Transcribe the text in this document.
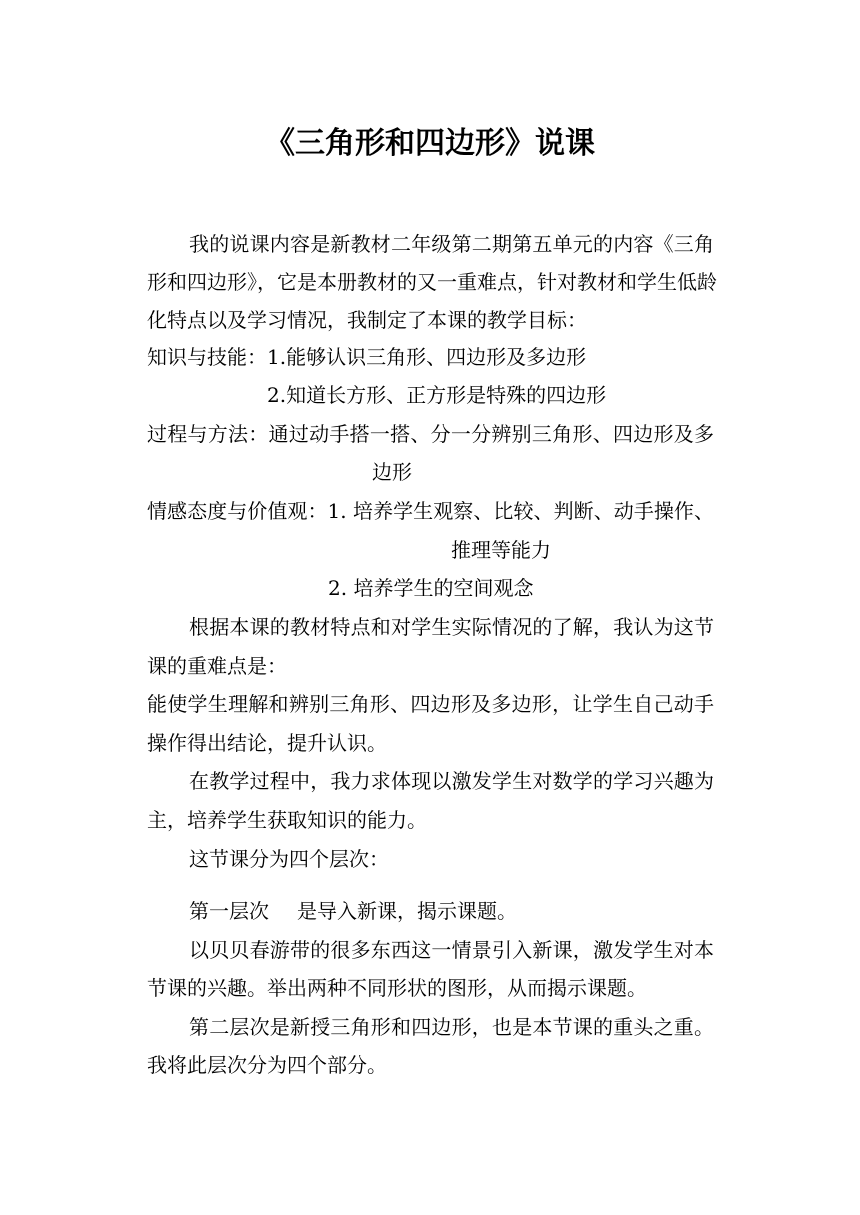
《三角形和四边形》说课
我的说课内容是新教材二年级第二期第五单元的内容《三角
形和四边形》，它是本册教材的又一重难点，针对教材和学生低龄
化特点以及学习情况，我制定了本课的教学目标：
知识与技能：1.能够认识三角形、四边形及多边形
2.知道长方形、正方形是特殊的四边形
过程与方法：通过动手搭一搭、分一分辨别三角形、四边形及多
边形
情感态度与价值观：1. 培养学生观察、比较、判断、动手操作、
推理等能力
2. 培养学生的空间观念
根据本课的教材特点和对学生实际情况的了解，我认为这节
课的重难点是：
能使学生理解和辨别三角形、四边形及多边形，让学生自己动手
操作得出结论，提升认识。
在教学过程中，我力求体现以激发学生对数学的学习兴趣为
主，培养学生获取知识的能力。
这节课分为四个层次：
第一层次 是导入新课，揭示课题。
以贝贝春游带的很多东西这一情景引入新课，激发学生对本
节课的兴趣。举出两种不同形状的图形，从而揭示课题。
第二层次是新授三角形和四边形，也是本节课的重头之重。
我将此层次分为四个部分。
